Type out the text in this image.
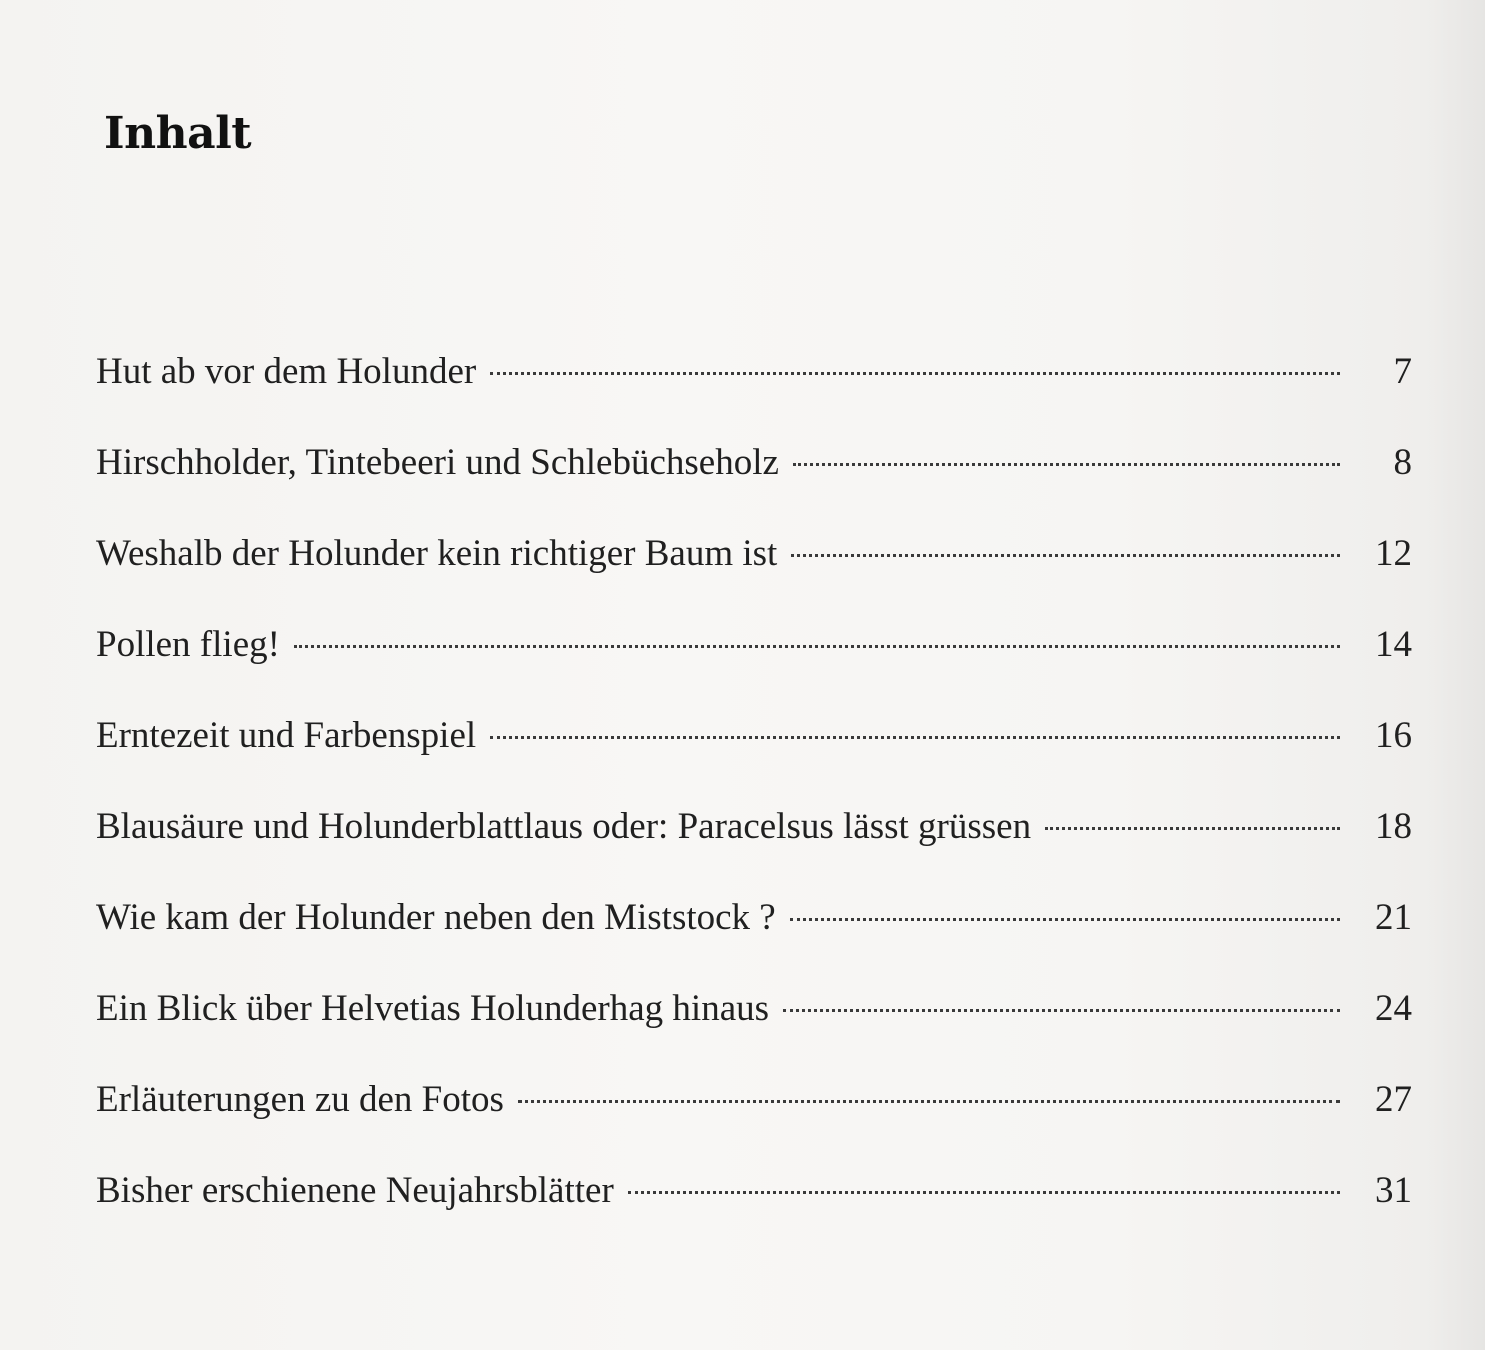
Inhalt
Hut ab vor dem Holunder	7
Hirschholder, Tintebeeri und Schlebüchseholz	8
Weshalb der Holunder kein richtiger Baum ist	12
Pollen flieg!	14
Erntezeit und Farbenspiel	16
Blausäure und Holunderblattlaus oder: Paracelsus lässt grüssen	18
Wie kam der Holunder neben den Miststock ?	21
Ein Blick über Helvetias Holunderhag hinaus	24
Erläuterungen zu den Fotos	27
Bisher erschienene Neujahrsblätter	31
